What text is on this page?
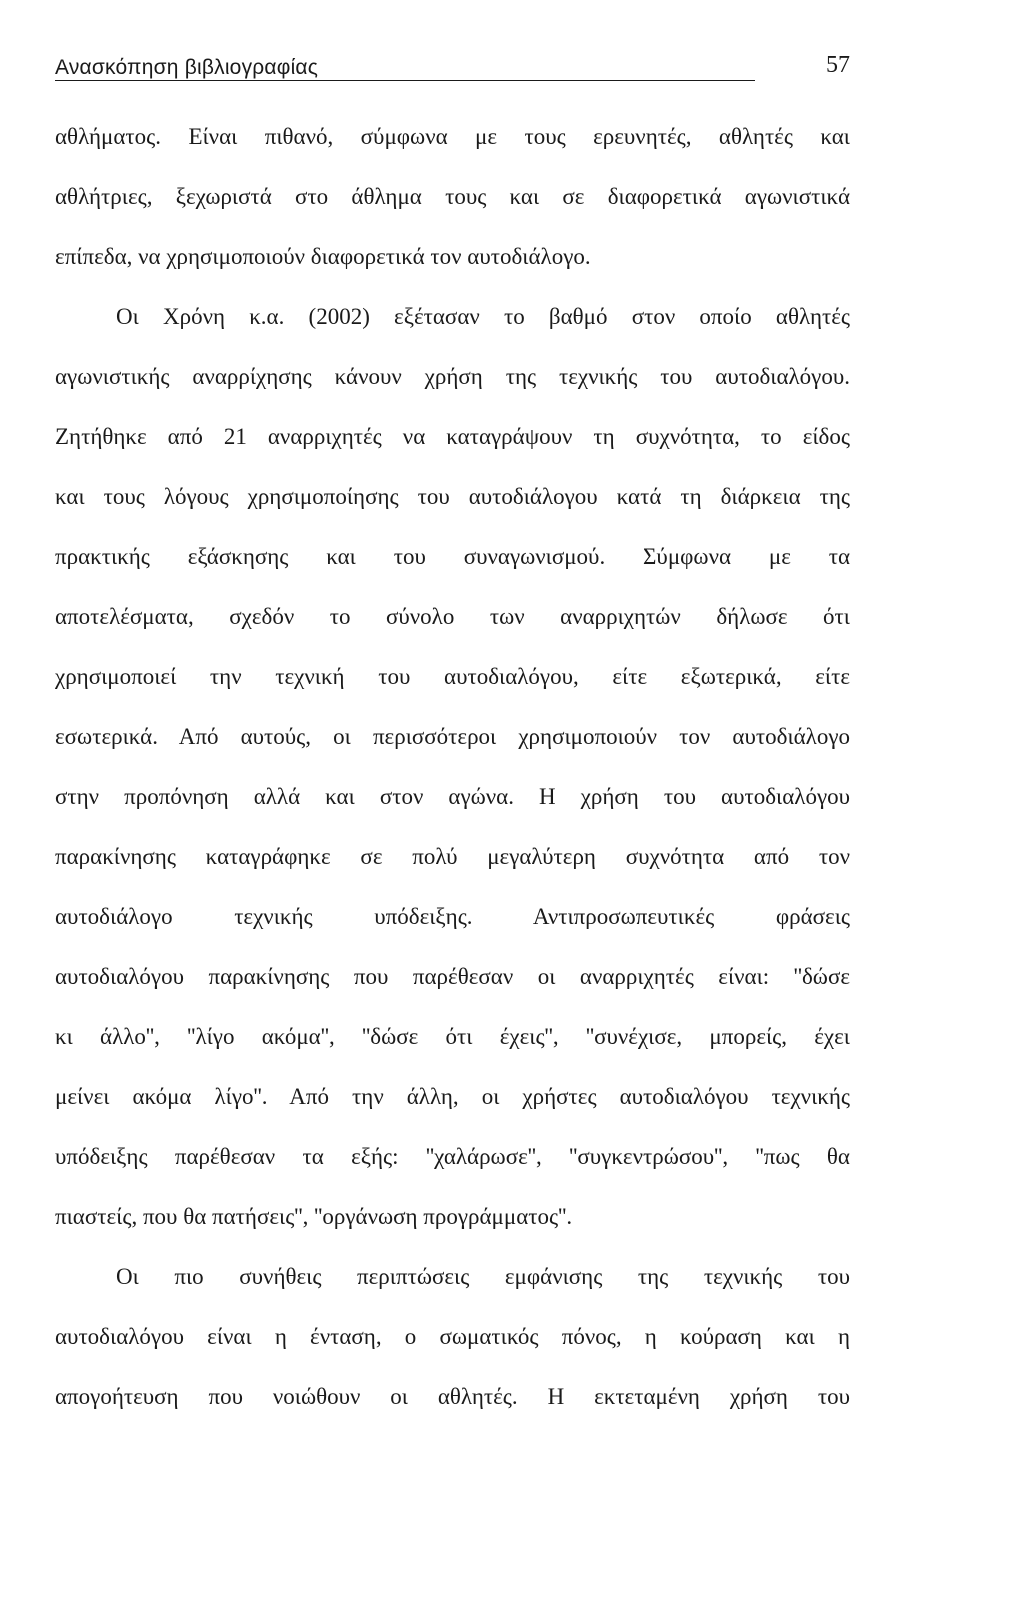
Ανασκόπηση βιβλιογραφίας	57
αθλήματος. Είναι πιθανό, σύμφωνα με τους ερευνητές, αθλητές και
αθλήτριες, ξεχωριστά στο άθλημα τους και σε διαφορετικά αγωνιστικά
επίπεδα, να χρησιμοποιούν διαφορετικά τον αυτοδιάλογο.
Οι Χρόνη κ.α. (2002) εξέτασαν το βαθμό στον οποίο αθλητές
αγωνιστικής αναρρίχησης κάνουν χρήση της τεχνικής του αυτοδιαλόγου.
Ζητήθηκε από 21 αναρριχητές να καταγράψουν τη συχνότητα, το είδος
και τους λόγους χρησιμοποίησης του αυτοδιάλογου κατά τη διάρκεια της
πρακτικής εξάσκησης και του συναγωνισμού. Σύμφωνα με τα
αποτελέσματα, σχεδόν το σύνολο των αναρριχητών δήλωσε ότι
χρησιμοποιεί την τεχνική του αυτοδιαλόγου, είτε εξωτερικά, είτε
εσωτερικά. Από αυτούς, οι περισσότεροι χρησιμοποιούν τον αυτοδιάλογο
στην προπόνηση αλλά και στον αγώνα. Η χρήση του αυτοδιαλόγου
παρακίνησης καταγράφηκε σε πολύ μεγαλύτερη συχνότητα από τον
αυτοδιάλογο τεχνικής υπόδειξης. Αντιπροσωπευτικές φράσεις
αυτοδιαλόγου παρακίνησης που παρέθεσαν οι αναρριχητές είναι: ''δώσε
κι άλλο'', ''λίγο ακόμα'', ''δώσε ότι έχεις'', ''συνέχισε, μπορείς, έχει
μείνει ακόμα λίγο''. Από την άλλη, οι χρήστες αυτοδιαλόγου τεχνικής
υπόδειξης παρέθεσαν τα εξής: ''χαλάρωσε'', ''συγκεντρώσου'', ''πως θα
πιαστείς, που θα πατήσεις'', ''οργάνωση προγράμματος''.
Οι πιο συνήθεις περιπτώσεις εμφάνισης της τεχνικής του
αυτοδιαλόγου είναι η ένταση, ο σωματικός πόνος, η κούραση και η
απογοήτευση που νοιώθουν οι αθλητές. Η εκτεταμένη χρήση του
